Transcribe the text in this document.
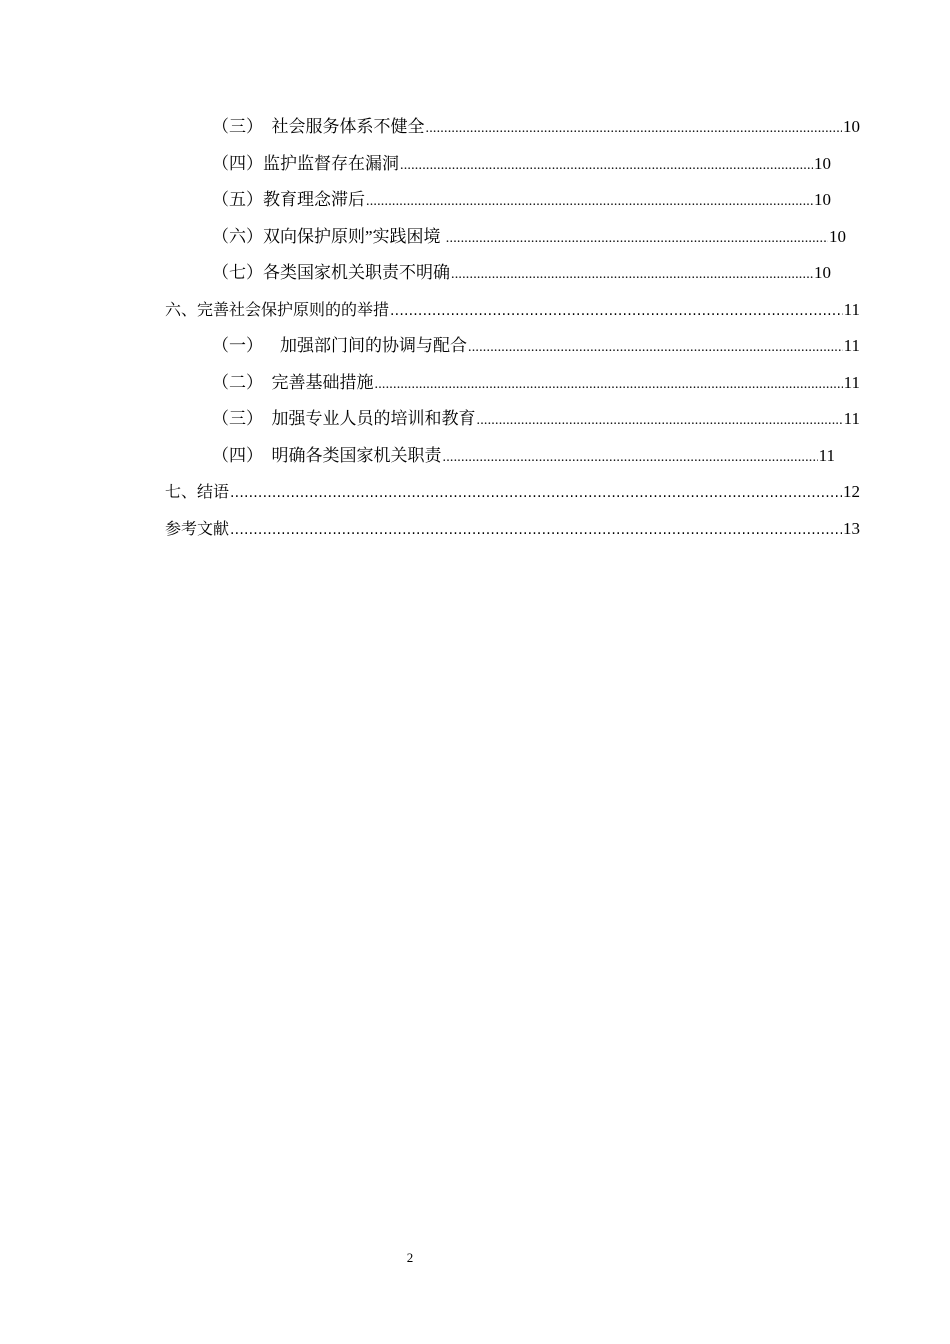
（三） 社会服务体系不健全 .....	10
（四） 监护监督存在漏洞 .....	10
（五） 教育理念滞后 .....	10
（六） 双向保护原则”实践困境 .....	10
（七） 各类国家机关职责不明确 .....	10
六、 完善社会保护原则的的举措 .....	11
（一） 加强部门间的协调与配合 .....	11
（二） 完善基础措施 .....	11
（三） 加强专业人员的培训和教育 .....	11
（四） 明确各类国家机关职责 .....	11
七、 结语 .....	12
参考文献 .....	13
2
